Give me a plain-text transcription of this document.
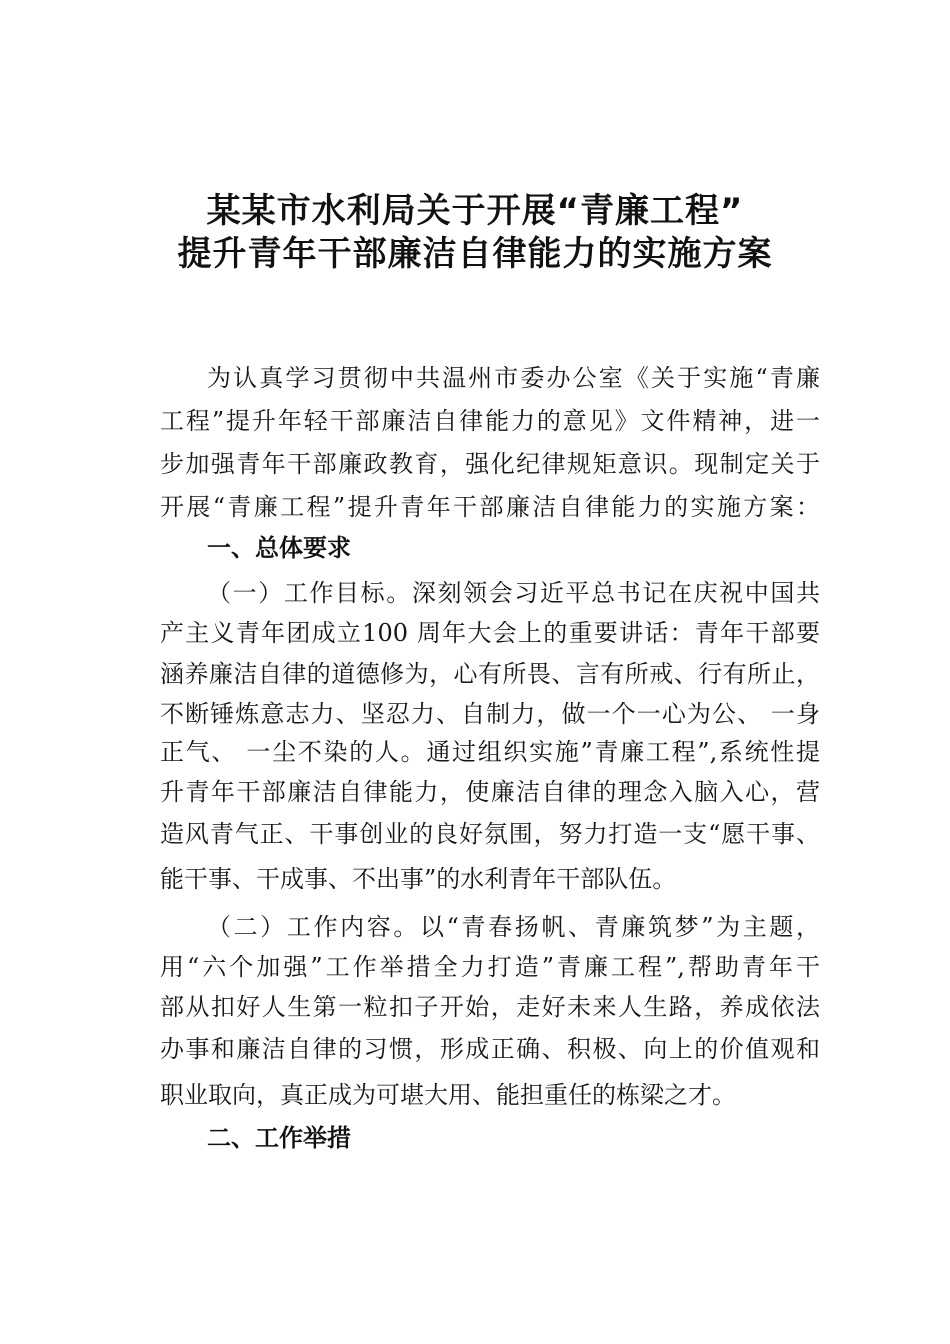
某某市水利局关于开展“青廉工程”
提升青年干部廉洁自律能力的实施方案
为认真学习贯彻中共温州市委办公室《关于实施“青廉
工程”提升年轻干部廉洁自律能力的意见》文件精神，进一
步加强青年干部廉政教育，强化纪律规矩意识。现制定关于
开展“青廉工程”提升青年干部廉洁自律能力的实施方案：
一、总体要求
（一）工作目标。深刻领会习近平总书记在庆祝中国共
产主义青年团成立100 周年大会上的重要讲话：青年干部要
涵养廉洁自律的道德修为，心有所畏、言有所戒、行有所止，
不断锤炼意志力、坚忍力、自制力，做一个一心为公、 一身
正气、 一尘不染的人。通过组织实施”青廉工程”,系统性提
升青年干部廉洁自律能力，使廉洁自律的理念入脑入心，营
造风青气正、干事创业的良好氛围，努力打造一支“愿干事、
能干事、干成事、不出事”的水利青年干部队伍。
（二）工作内容。以“青春扬帆、青廉筑梦”为主题，
用“六个加强”工作举措全力打造”青廉工程”,帮助青年干
部从扣好人生第一粒扣子开始，走好未来人生路，养成依法
办事和廉洁自律的习惯，形成正确、积极、向上的价值观和
职业取向，真正成为可堪大用、能担重任的栋梁之才。
二、工作举措
